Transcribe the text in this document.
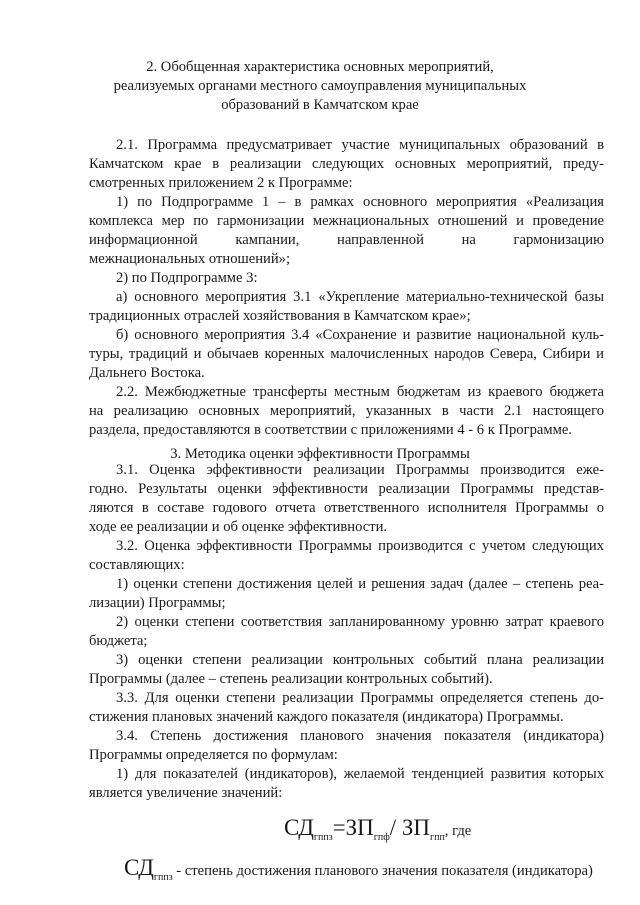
2. Обобщенная характеристика основных мероприятий,
реализуемых органами местного самоуправления муниципальных
образований в Камчатском крае
2.1. Программа предусматривает участие муниципальных образований в
Камчатском крае в реализации следующих основных мероприятий, преду-
смотренных приложением 2 к Программе:
1) по Подпрограмме 1 – в рамках основного мероприятия «Реализация
комплекса мер по гармонизации межнациональных отношений и проведение
информационной	кампании,	направленной	на	гармонизацию
межнациональных отношений»;
2) по Подпрограмме 3:
а) основного мероприятия 3.1 «Укрепление материально-технической базы
традиционных отраслей хозяйствования в Камчатском крае»;
б) основного мероприятия 3.4 «Сохранение и развитие национальной куль-
туры, традиций и обычаев коренных малочисленных народов Севера, Сибири и
Дальнего Востока.
2.2. Межбюджетные трансферты местным бюджетам из краевого бюджета
на реализацию основных мероприятий, указанных в части 2.1 настоящего
раздела, предоставляются в соответствии с приложениями 4 - 6 к Программе.
3. Методика оценки эффективности Программы
3.1. Оценка эффективности реализации Программы производится еже-
годно. Результаты оценки эффективности реализации Программы представ-
ляются в составе годового отчета ответственного исполнителя Программы о
ходе ее реализации и об оценке эффективности.
3.2. Оценка эффективности Программы производится с учетом следующих
составляющих:
1) оценки степени достижения целей и решения задач (далее – степень реа-
лизации) Программы;
2) оценки степени соответствия запланированному уровню затрат краевого
бюджета;
3) оценки степени реализации контрольных событий плана реализации
Программы (далее – степень реализации контрольных событий).
3.3. Для оценки степени реализации Программы определяется степень до-
стижения плановых значений каждого показателя (индикатора) Программы.
3.4. Степень достижения планового значения показателя (индикатора)
Программы определяется по формулам:
1) для показателей (индикаторов), желаемой тенденцией развития которых
является увеличение значений:
$СД_{гппз}=ЗП_{гпф}/$ $ЗП_{гпп}$, где
$СД_{гппз}$ - степень достижения планового значения показателя (индикатора)
